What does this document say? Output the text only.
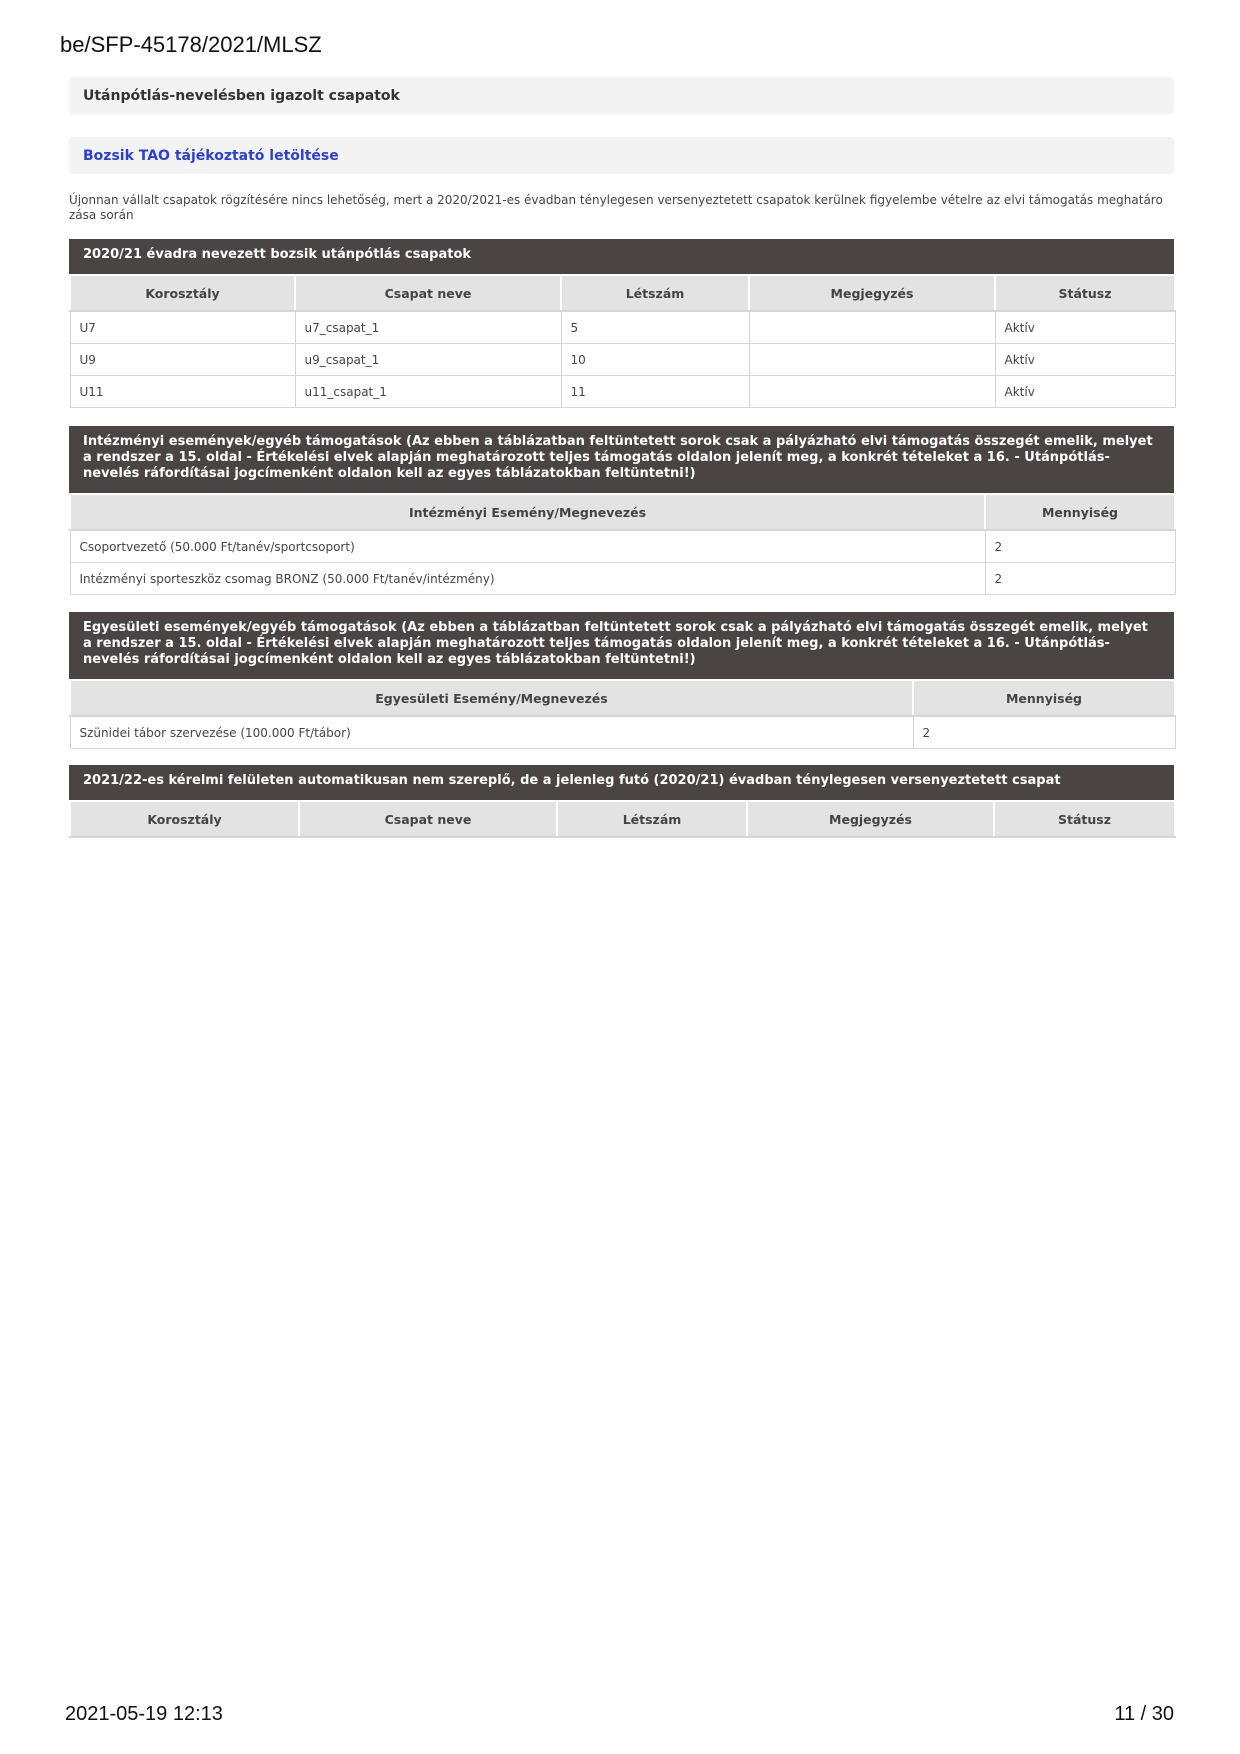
be/SFP-45178/2021/MLSZ
Utánpótlás-nevelésben igazolt csapatok
Bozsik TAO tájékoztató letöltése
Újonnan vállalt csapatok rögzítésére nincs lehetőség, mert a 2020/2021-es évadban ténylegesen versenyeztetett csapatok kerülnek figyelembe vételre az elvi támogatás meghatározása során
2020/21 évadra nevezett bozsik utánpótlás csapatok
Korosztály	Csapat neve	Létszám	Megjegyzés	Státusz
U7	u7_csapat_1	5		Aktív
U9	u9_csapat_1	10		Aktív
U11	u11_csapat_1	11		Aktív
Intézményi események/egyéb támogatások (Az ebben a táblázatban feltüntetett sorok csak a pályázható elvi támogatás összegét emelik, melyet a rendszer a 15. oldal - Értékelési elvek alapján meghatározott teljes támogatás oldalon jelenít meg, a konkrét tételeket a 16. - Utánpótlás-nevelés ráfordításai jogcímenként oldalon kell az egyes táblázatokban feltüntetni!)
Intézményi Esemény/Megnevezés	Mennyiség
Csoportvezető (50.000 Ft/tanév/sportcsoport)	2
Intézményi sporteszköz csomag BRONZ (50.000 Ft/tanév/intézmény)	2
Egyesületi események/egyéb támogatások (Az ebben a táblázatban feltüntetett sorok csak a pályázható elvi támogatás összegét emelik, melyet a rendszer a 15. oldal - Értékelési elvek alapján meghatározott teljes támogatás oldalon jelenít meg, a konkrét tételeket a 16. - Utánpótlás-nevelés ráfordításai jogcímenként oldalon kell az egyes táblázatokban feltüntetni!)
Egyesületi Esemény/Megnevezés	Mennyiség
Szünidei tábor szervezése (100.000 Ft/tábor)	2
2021/22-es kérelmi felületen automatikusan nem szereplő, de a jelenleg futó (2020/21) évadban ténylegesen versenyeztetett csapat
Korosztály	Csapat neve	Létszám	Megjegyzés	Státusz
2021-05-19 12:13	11 / 30
